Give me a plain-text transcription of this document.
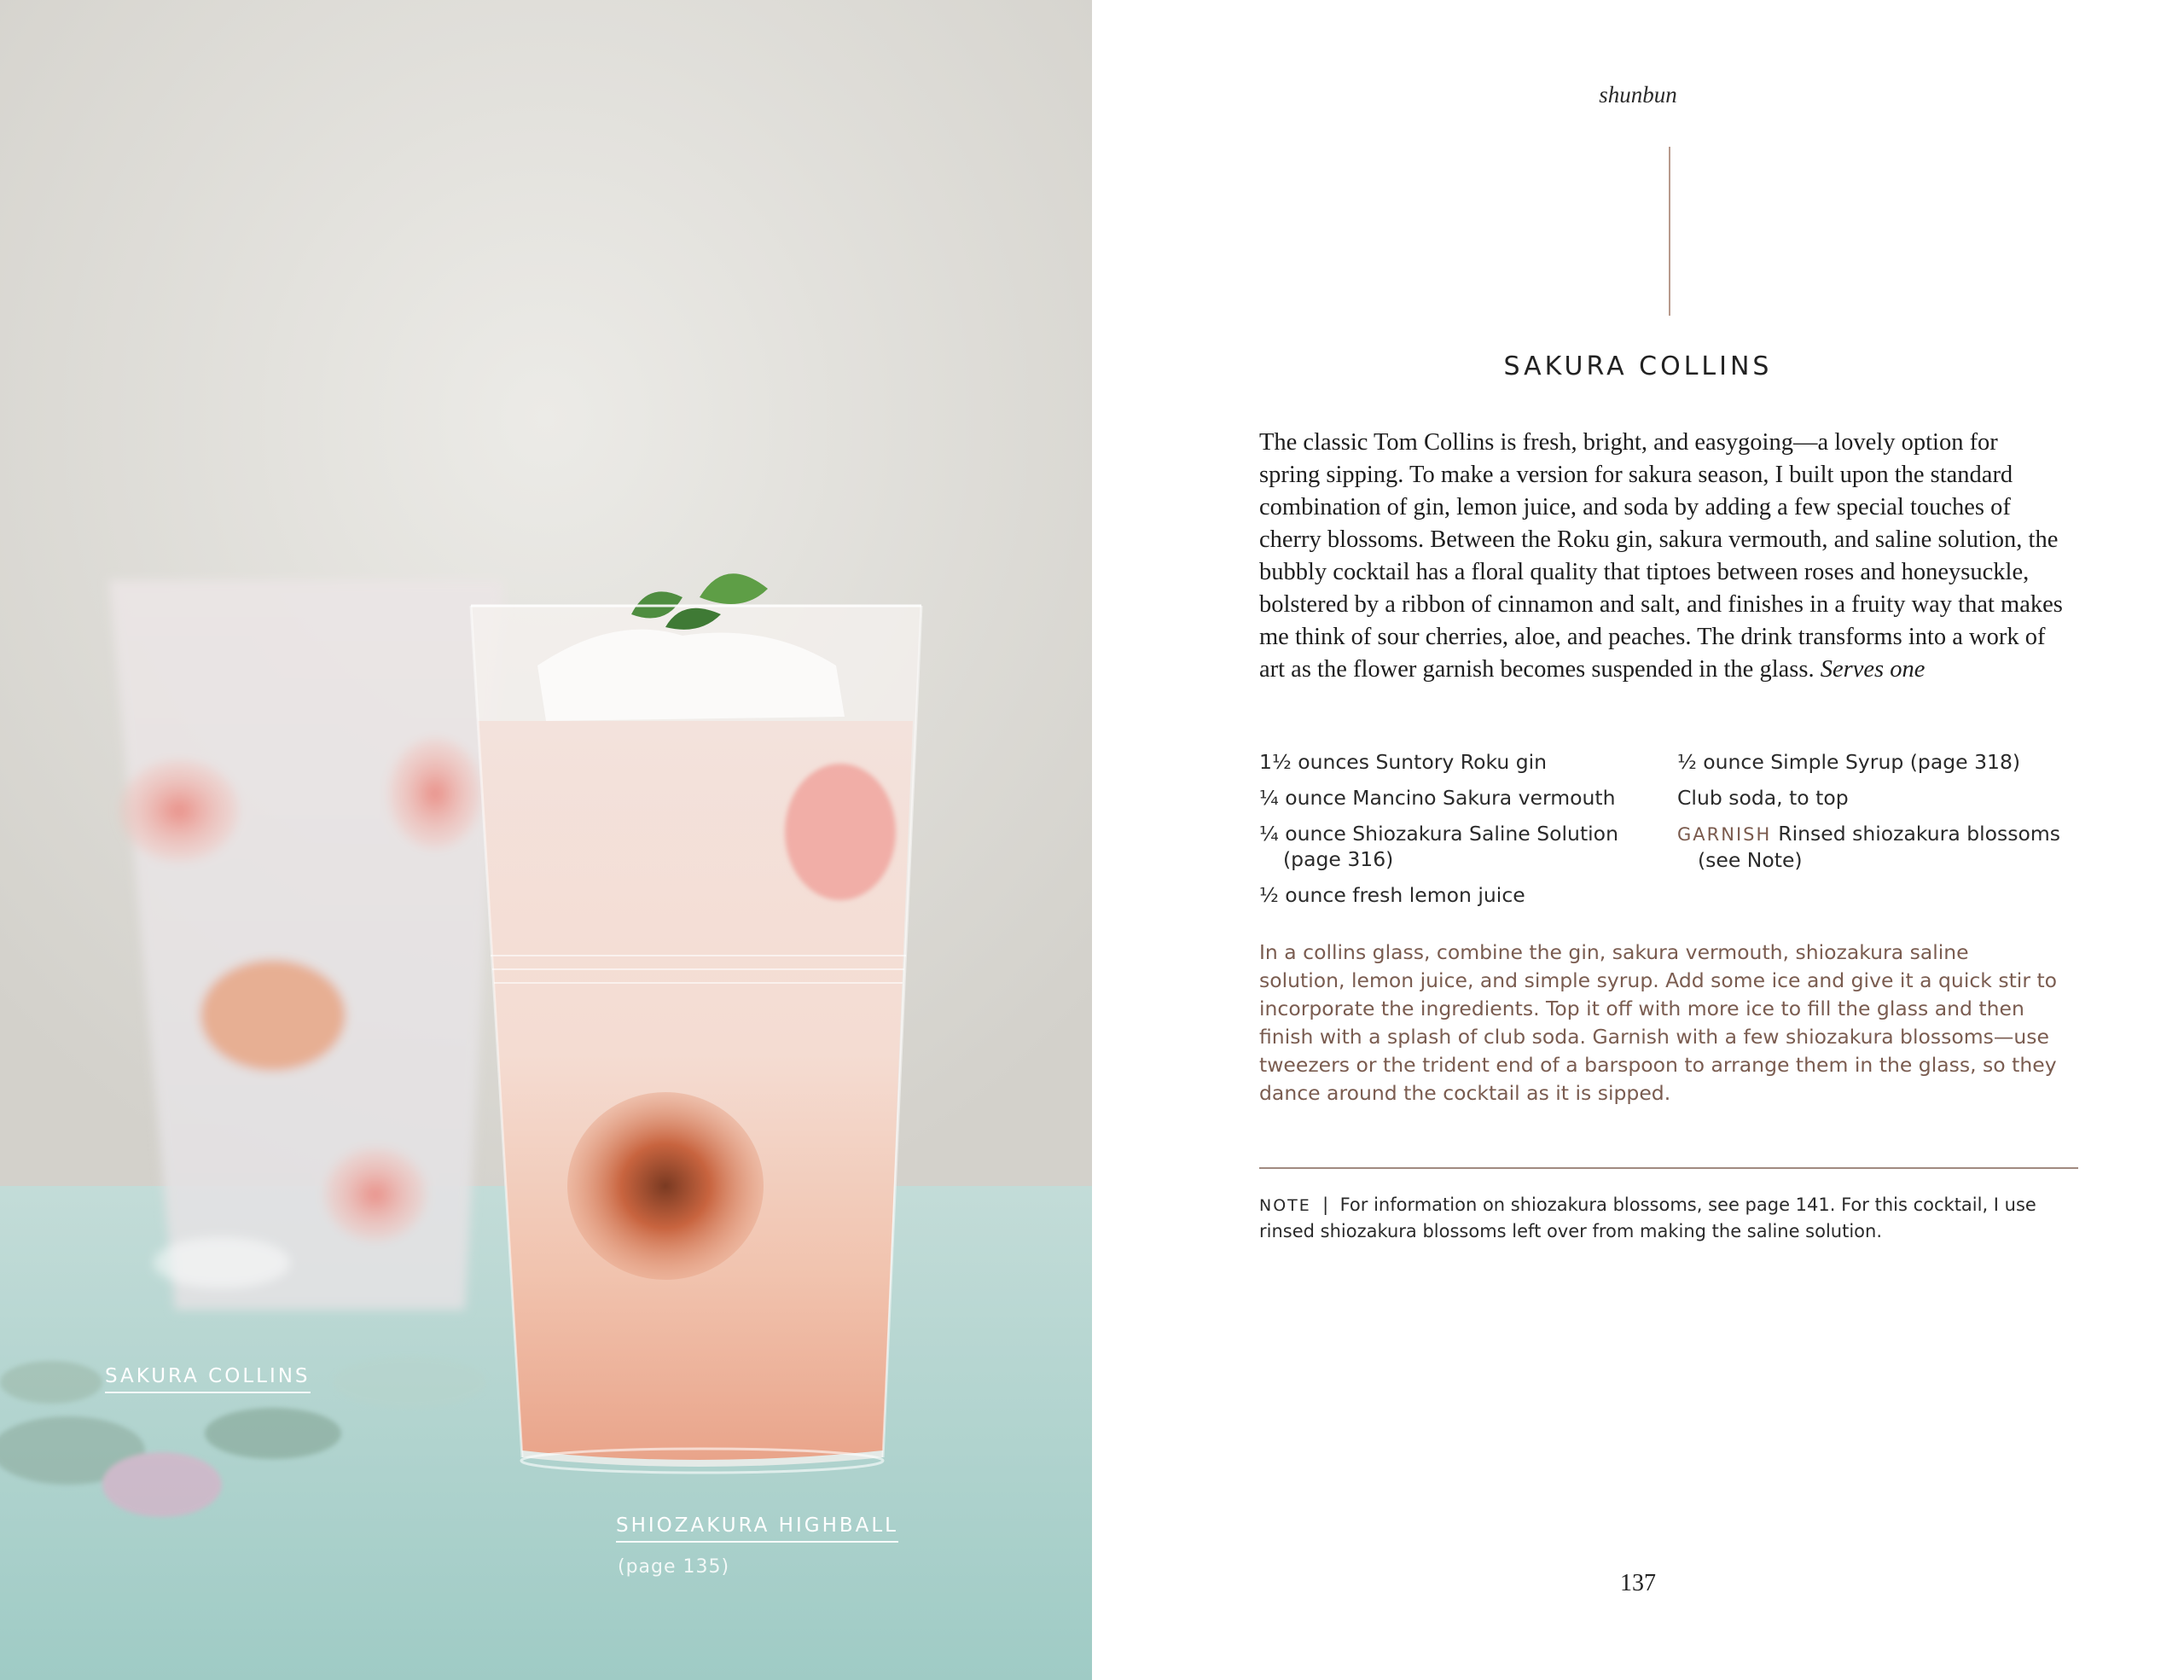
SAKURA COLLINS
SHIOZAKURA HIGHBALL
(page 135)
shunbun
SAKURA COLLINS
The classic Tom Collins is fresh, bright, and easygoing—a lovely option for
spring sipping. To make a version for sakura season, I built upon the standard
combination of gin, lemon juice, and soda by adding a few special touches of
cherry blossoms. Between the Roku gin, sakura vermouth, and saline solution, the
bubbly cocktail has a floral quality that tiptoes between roses and honeysuckle,
bolstered by a ribbon of cinnamon and salt, and finishes in a fruity way that makes
me think of sour cherries, aloe, and peaches. The drink transforms into a work of
art as the flower garnish becomes suspended in the glass. Serves one
1½ ounces Suntory Roku gin
¼ ounce Mancino Sakura vermouth
¼ ounce Shiozakura Saline Solution
(page 316)
½ ounce fresh lemon juice
½ ounce Simple Syrup (page 318)
Club soda, to top
GARNISH Rinsed shiozakura blossoms
(see Note)
In a collins glass, combine the gin, sakura vermouth, shiozakura saline
solution, lemon juice, and simple syrup. Add some ice and give it a quick stir to
incorporate the ingredients. Top it off with more ice to fill the glass and then
finish with a splash of club soda. Garnish with a few shiozakura blossoms—use
tweezers or the trident end of a barspoon to arrange them in the glass, so they
dance around the cocktail as it is sipped.
NOTE | For information on shiozakura blossoms, see page 141. For this cocktail, I use
rinsed shiozakura blossoms left over from making the saline solution.
137
